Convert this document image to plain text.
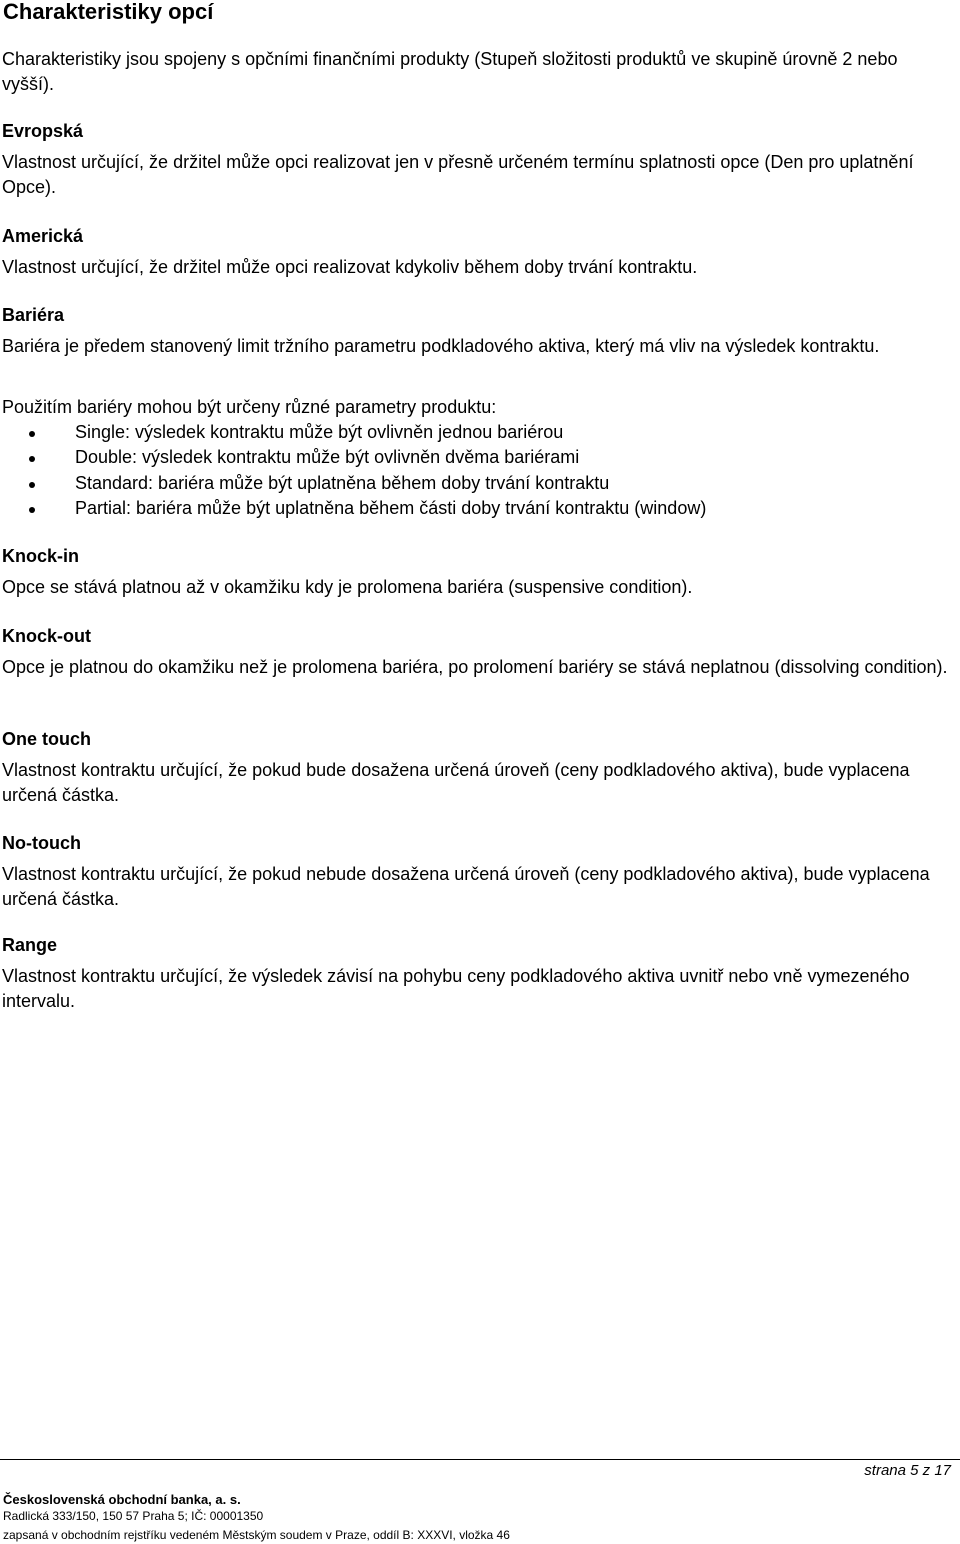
Charakteristiky opcí

Charakteristiky jsou spojeny s opčními finančními produkty (Stupeň složitosti produktů ve skupině úrovně 2 nebo vyšší).

Evropská

Vlastnost určující, že držitel může opci realizovat jen v přesně určeném termínu splatnosti opce (Den pro uplatnění Opce).

Americká

Vlastnost určující, že držitel může opci realizovat kdykoliv během doby trvání kontraktu.

Bariéra

Bariéra je předem stanovený limit tržního parametru podkladového aktiva, který má vliv na výsledek kontraktu.

Použitím bariéry mohou být určeny různé parametry produktu:

Single: výsledek kontraktu může být ovlivněn jednou bariérou
Double: výsledek kontraktu může být ovlivněn dvěma bariérami
Standard: bariéra může být uplatněna během doby trvání kontraktu
Partial: bariéra může být uplatněna během části doby trvání kontraktu (window)
Knock-in

Opce se stává platnou až v okamžiku kdy je prolomena bariéra (suspensive condition).

Knock-out

Opce je platnou do okamžiku než je prolomena bariéra, po prolomení bariéry se stává neplatnou (dissolving condition).

One touch

Vlastnost kontraktu určující, že pokud bude dosažena určená úroveň (ceny podkladového aktiva), bude vyplacena určená částka.

No-touch

Vlastnost kontraktu určující, že pokud nebude dosažena určená úroveň (ceny podkladového aktiva), bude vyplacena určená částka.

Range

Vlastnost kontraktu určující, že výsledek závisí na pohybu ceny podkladového aktiva uvnitř nebo vně vymezeného intervalu.

strana 5 z 17
Československá obchodní banka, a. s.
Radlická 333/150, 150 57 Praha 5; IČ: 00001350
zapsaná v obchodním rejstříku vedeném Městským soudem v Praze, oddíl B: XXXVI, vložka 46
